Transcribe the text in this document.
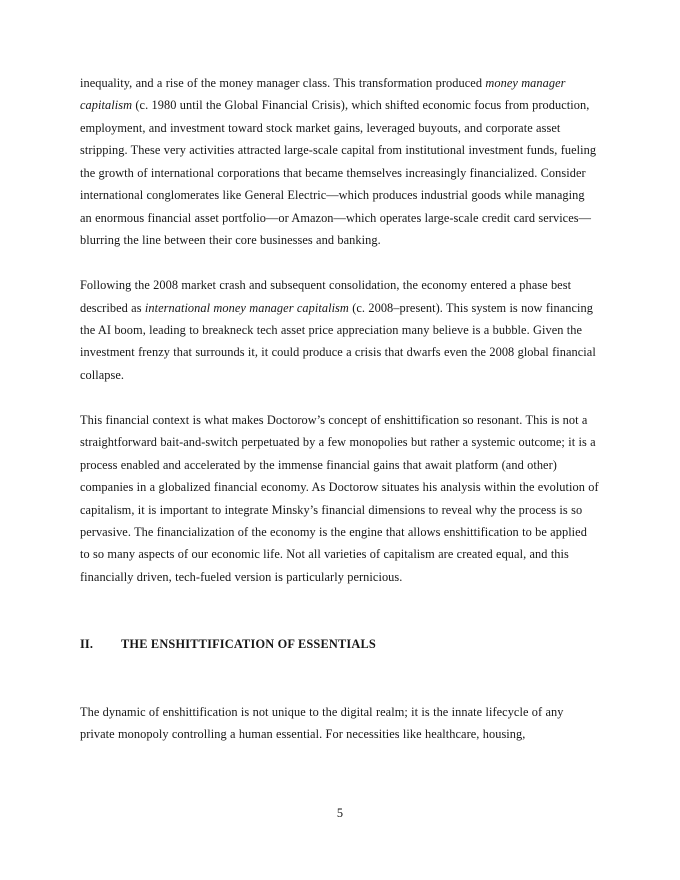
inequality, and a rise of the money manager class. This transformation produced money manager capitalism (c. 1980 until the Global Financial Crisis), which shifted economic focus from production, employment, and investment toward stock market gains, leveraged buyouts, and corporate asset stripping. These very activities attracted large-scale capital from institutional investment funds, fueling the growth of international corporations that became themselves increasingly financialized. Consider international conglomerates like General Electric—which produces industrial goods while managing an enormous financial asset portfolio—or Amazon—which operates large-scale credit card services—blurring the line between their core businesses and banking.

Following the 2008 market crash and subsequent consolidation, the economy entered a phase best described as international money manager capitalism (c. 2008–present). This system is now financing the AI boom, leading to breakneck tech asset price appreciation many believe is a bubble. Given the investment frenzy that surrounds it, it could produce a crisis that dwarfs even the 2008 global financial collapse.

This financial context is what makes Doctorow’s concept of enshittification so resonant. This is not a straightforward bait-and-switch perpetuated by a few monopolies but rather a systemic outcome; it is a process enabled and accelerated by the immense financial gains that await platform (and other) companies in a globalized financial economy. As Doctorow situates his analysis within the evolution of capitalism, it is important to integrate Minsky’s financial dimensions to reveal why the process is so pervasive. The financialization of the economy is the engine that allows enshittification to be applied to so many aspects of our economic life. Not all varieties of capitalism are created equal, and this financially driven, tech-fueled version is particularly pernicious.

II.	THE ENSHITTIFICATION OF ESSENTIALS

The dynamic of enshittification is not unique to the digital realm; it is the innate lifecycle of any private monopoly controlling a human essential. For necessities like healthcare, housing,

5
